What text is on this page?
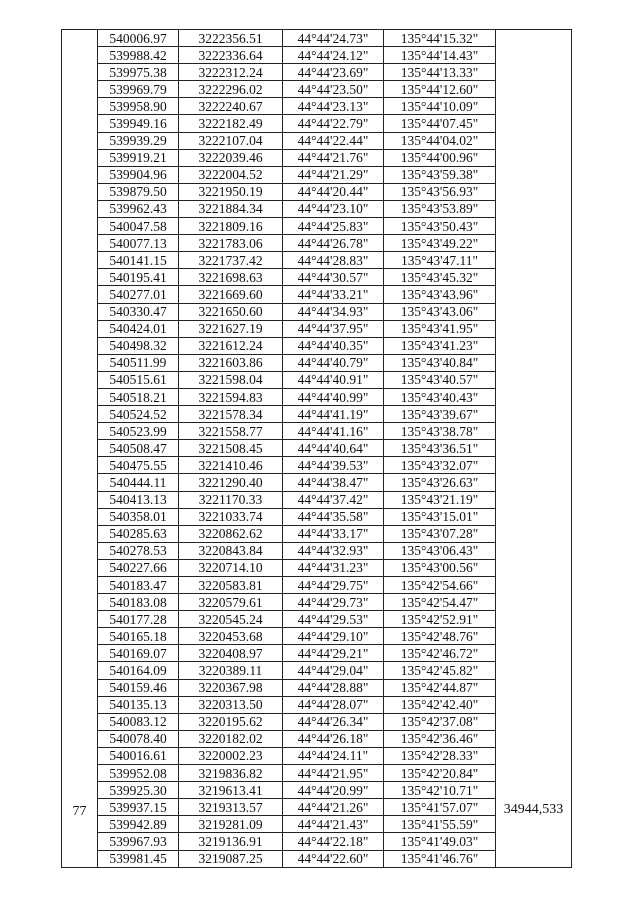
77	540006.97	3222356.51	44°44'24.73"	135°44'15.32"	34944,533
	539988.42	3222336.64	44°44'24.12"	135°44'14.43"	
	539975.38	3222312.24	44°44'23.69"	135°44'13.33"	
	539969.79	3222296.02	44°44'23.50"	135°44'12.60"	
	539958.90	3222240.67	44°44'23.13"	135°44'10.09"	
	539949.16	3222182.49	44°44'22.79"	135°44'07.45"	
	539939.29	3222107.04	44°44'22.44"	135°44'04.02"	
	539919.21	3222039.46	44°44'21.76"	135°44'00.96"	
	539904.96	3222004.52	44°44'21.29"	135°43'59.38"	
	539879.50	3221950.19	44°44'20.44"	135°43'56.93"	
	539962.43	3221884.34	44°44'23.10"	135°43'53.89"	
	540047.58	3221809.16	44°44'25.83"	135°43'50.43"	
	540077.13	3221783.06	44°44'26.78"	135°43'49.22"	
	540141.15	3221737.42	44°44'28.83"	135°43'47.11"	
	540195.41	3221698.63	44°44'30.57"	135°43'45.32"	
	540277.01	3221669.60	44°44'33.21"	135°43'43.96"	
	540330.47	3221650.60	44°44'34.93"	135°43'43.06"	
	540424.01	3221627.19	44°44'37.95"	135°43'41.95"	
	540498.32	3221612.24	44°44'40.35"	135°43'41.23"	
	540511.99	3221603.86	44°44'40.79"	135°43'40.84"	
	540515.61	3221598.04	44°44'40.91"	135°43'40.57"	
	540518.21	3221594.83	44°44'40.99"	135°43'40.43"	
	540524.52	3221578.34	44°44'41.19"	135°43'39.67"	
	540523.99	3221558.77	44°44'41.16"	135°43'38.78"	
	540508.47	3221508.45	44°44'40.64"	135°43'36.51"	
	540475.55	3221410.46	44°44'39.53"	135°43'32.07"	
	540444.11	3221290.40	44°44'38.47"	135°43'26.63"	
	540413.13	3221170.33	44°44'37.42"	135°43'21.19"	
	540358.01	3221033.74	44°44'35.58"	135°43'15.01"	
	540285.63	3220862.62	44°44'33.17"	135°43'07.28"	
	540278.53	3220843.84	44°44'32.93"	135°43'06.43"	
	540227.66	3220714.10	44°44'31.23"	135°43'00.56"	
	540183.47	3220583.81	44°44'29.75"	135°42'54.66"	
	540183.08	3220579.61	44°44'29.73"	135°42'54.47"	
	540177.28	3220545.24	44°44'29.53"	135°42'52.91"	
	540165.18	3220453.68	44°44'29.10"	135°42'48.76"	
	540169.07	3220408.97	44°44'29.21"	135°42'46.72"	
	540164.09	3220389.11	44°44'29.04"	135°42'45.82"	
	540159.46	3220367.98	44°44'28.88"	135°42'44.87"	
	540135.13	3220313.50	44°44'28.07"	135°42'42.40"	
	540083.12	3220195.62	44°44'26.34"	135°42'37.08"	
	540078.40	3220182.02	44°44'26.18"	135°42'36.46"	
	540016.61	3220002.23	44°44'24.11"	135°42'28.33"	
	539952.08	3219836.82	44°44'21.95"	135°42'20.84"	
	539925.30	3219613.41	44°44'20.99"	135°42'10.71"	
	539937.15	3219313.57	44°44'21.26"	135°41'57.07"	
	539942.89	3219281.09	44°44'21.43"	135°41'55.59"	
	539967.93	3219136.91	44°44'22.18"	135°41'49.03"	
	539981.45	3219087.25	44°44'22.60"	135°41'46.76"	
